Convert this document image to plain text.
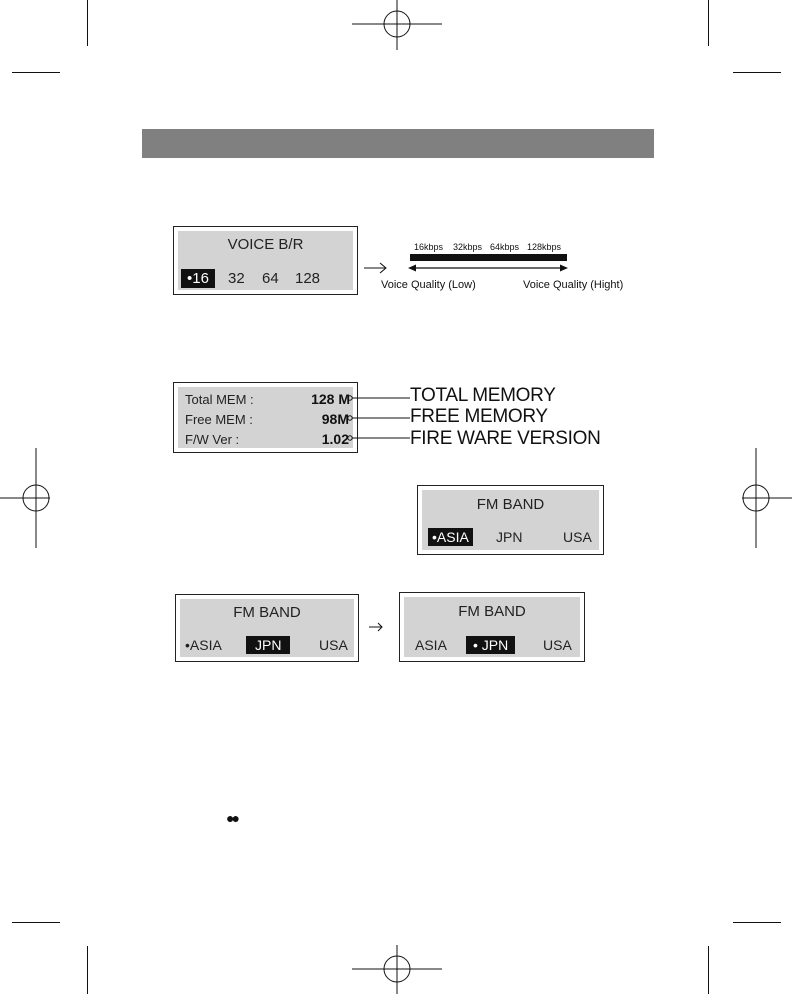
VOICE B/R
•16	32 64 128
16kbps 32kbps 64kbps 128kbps
Voice Quality (Low)	Voice Quality (Hight)
Total MEM :	128 M
Free MEM :	98M
F/W Ver :	1.02
TOTAL MEMORY
FREE MEMORY
FIRE WARE VERSION
FM BAND
•ASIA JPN	USA
FM BAND
•ASIA	JPN	USA
FM BAND
ASIA	• JPN	USA
●●
